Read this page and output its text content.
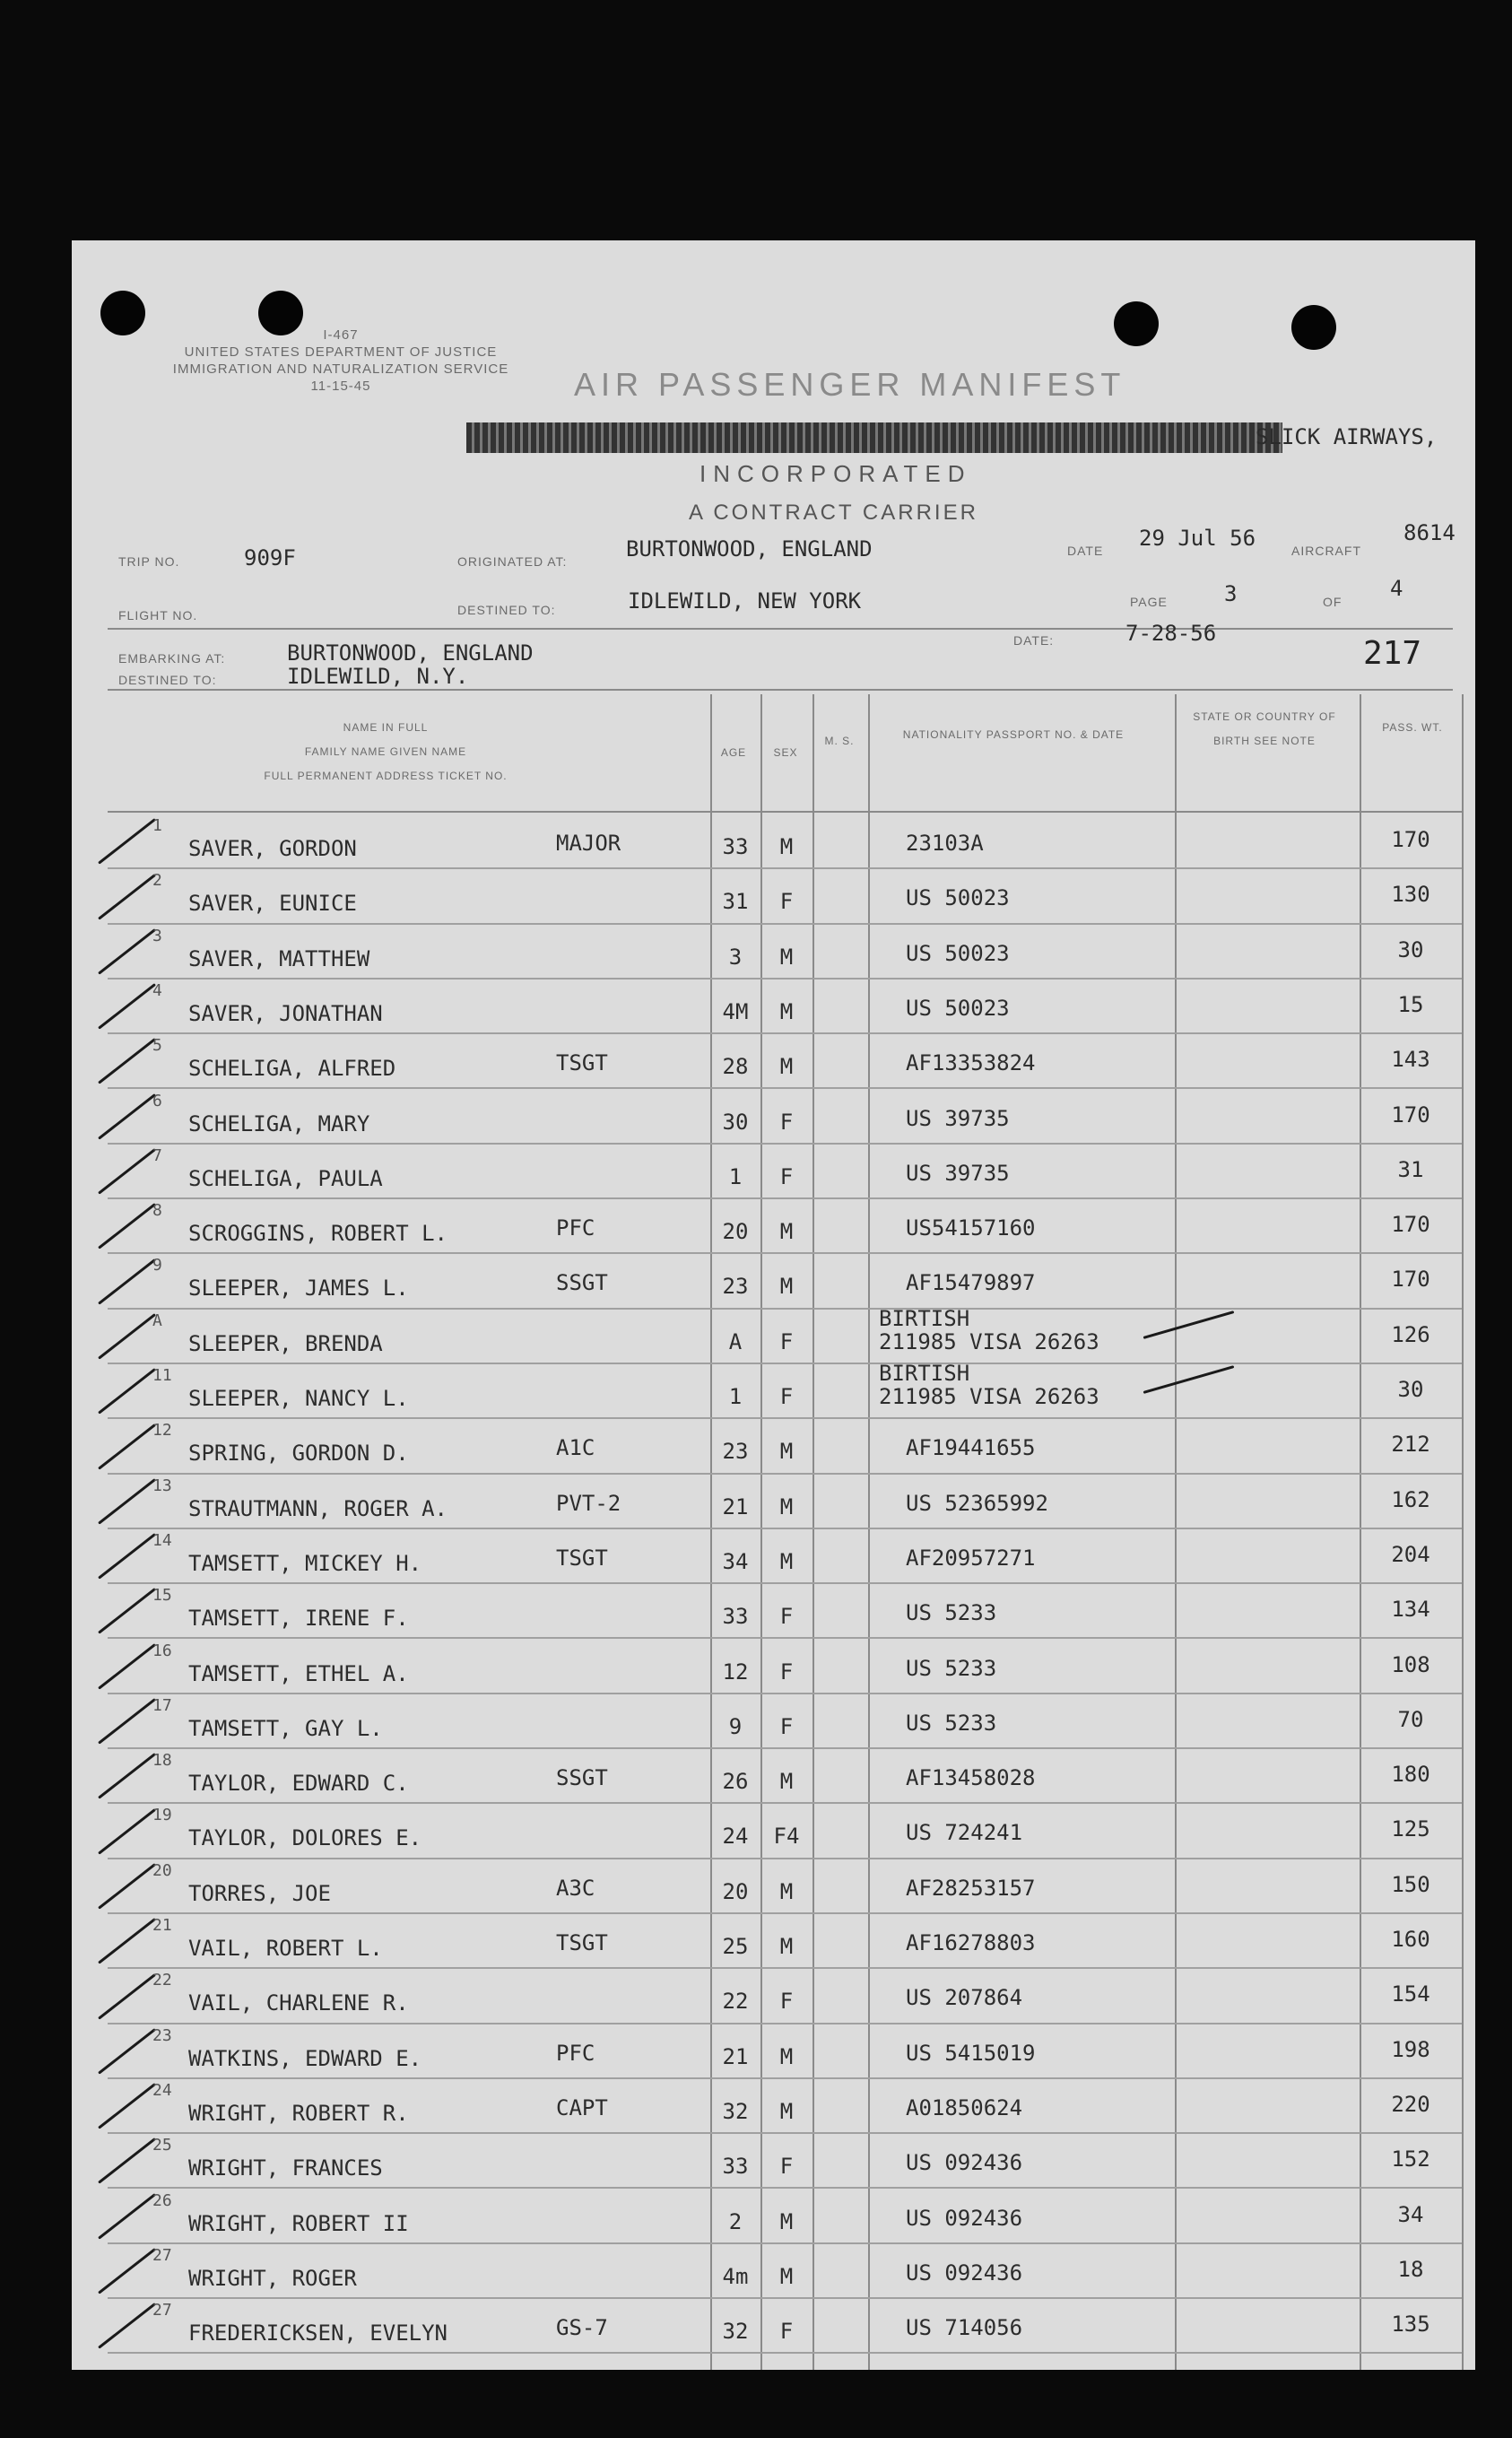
I-467
UNITED STATES DEPARTMENT OF JUSTICE
IMMIGRATION AND NATURALIZATION SERVICE
11-15-45	AIR PASSENGER MANIFEST
INCORPORATED
A CONTRACT CARRIER
SLICK AIRWAYS,
TRIP NO.	909F	ORIGINATED AT:	BURTONWOOD, ENGLAND	DATE 29 Jul 56	AIRCRAFT
8614
FLIGHT NO.	DESTINED TO:	IDLEWILD, NEW YORK	PAGE	3	OF
4
EMBARKING AT:	BURTONWOOD, ENGLAND
DESTINED TO:	IDLEWILD, N.Y.
DATE:	7-28-56
217
NAME IN FULL
FAMILY NAME GIVEN NAME
FULL PERMANENT ADDRESS TICKET NO.
AGE	SEX
M. S.	NATIONALITY PASSPORT NO. & DATE
STATE OR COUNTRY OF BIRTH SEE NOTE
PASS. WT.
1
SAVER, GORDON	MAJOR	33	M	23103A	170
2
SAVER, EUNICE	31	F	US 50023	130
3
SAVER, MATTHEW	3	M	US 50023	30
4
SAVER, JONATHAN	4M	M	US 50023	15
5
SCHELIGA, ALFRED	TSGT	28	M	AF13353824	143
6
SCHELIGA, MARY	30	F	US 39735	170
7
SCHELIGA, PAULA	1	F	US 39735	31
8
SCROGGINS, ROBERT L.	PFC	20	M	US54157160	170
9
SLEEPER, JAMES L.	SSGT	23	M	AF15479897	170
A
SLEEPER, BRENDA	A	F
BIRTISH
211985 VISA 26263	126
11
SLEEPER, NANCY L.	1	F
BIRTISH
211985 VISA 26263	30
12
SPRING, GORDON D.	A1C	23	M	AF19441655	212
13
STRAUTMANN, ROGER A.	PVT-2	21	M	US 52365992	162
14
TAMSETT, MICKEY H.	TSGT	34	M	AF20957271	204
15
TAMSETT, IRENE F.	33	F	US 5233	134
16
TAMSETT, ETHEL A.	12	F	US 5233	108
17
TAMSETT, GAY L.	9	F	US 5233	70
18
TAYLOR, EDWARD C.	SSGT	26	M	AF13458028	180
19
TAYLOR, DOLORES E.	24	F4	US 724241	125
20
TORRES, JOE	A3C	20	M	AF28253157	150
21
VAIL, ROBERT L.	TSGT	25	M	AF16278803	160
22
VAIL, CHARLENE R.	22	F	US 207864	154
23
WATKINS, EDWARD E.	PFC	21	M	US 5415019	198
24
WRIGHT, ROBERT R.	CAPT	32	M	A01850624	220
25
WRIGHT, FRANCES	33	F	US 092436	152
26
WRIGHT, ROBERT II	2	M	US 092436	34
27
WRIGHT, ROGER	4m	M	US 092436	18
27
FREDERICKSEN, EVELYN	GS-7	32	F	US 714056	135
